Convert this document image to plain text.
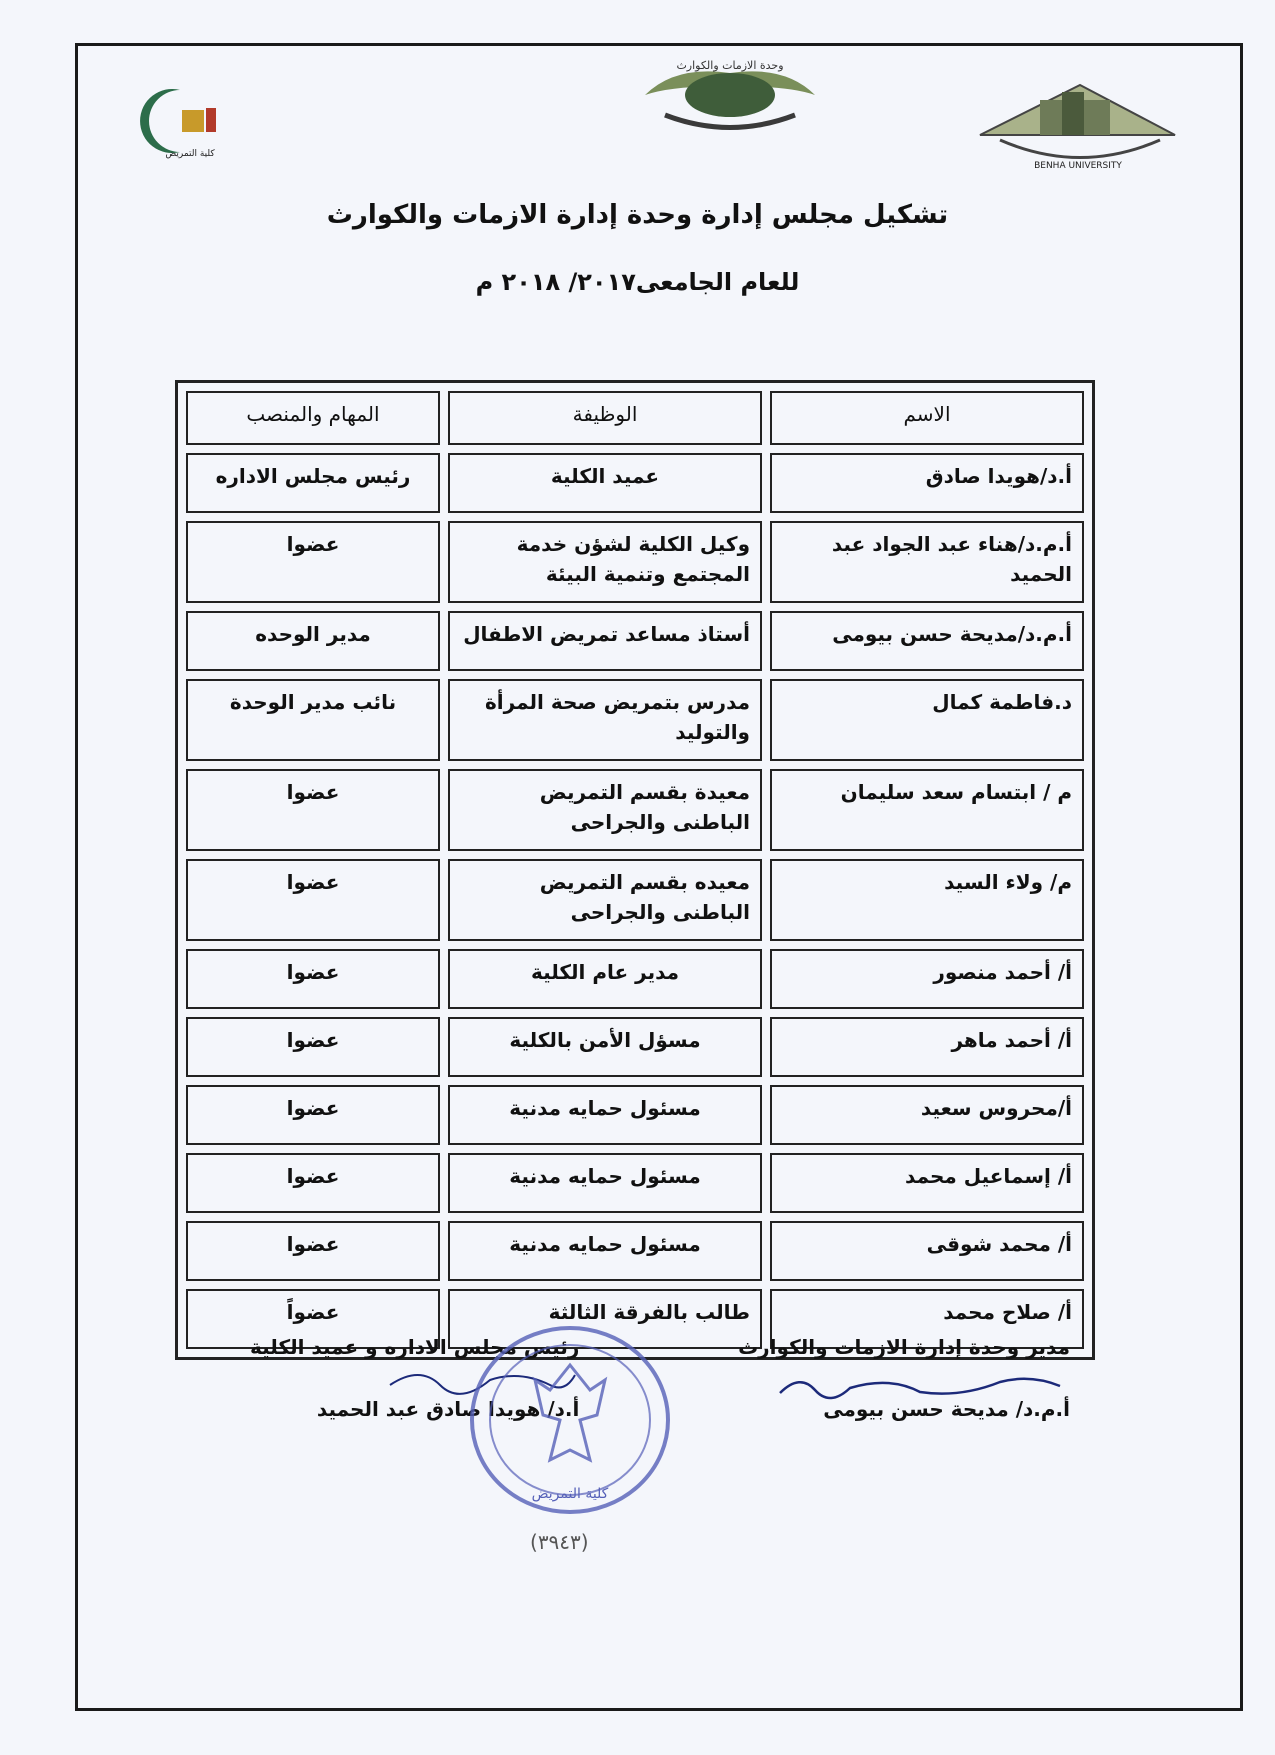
كلية التمريض
وحدة الازمات والكوارث
BENHA UNIVERSITY
تشكيل مجلس إدارة وحدة إدارة الازمات والكوارث
للعام الجامعى٢٠١٧/ ٢٠١٨ م
الاسم	الوظيفة	المهام والمنصب
أ.د/هويدا صادق	عميد الكلية	رئيس مجلس الاداره
أ.م.د/هناء عبد الجواد عبد الحميد	وكيل الكلية لشؤن خدمة المجتمع وتنمية البيئة	عضوا
أ.م.د/مديحة حسن بيومى	أستاذ مساعد تمريض الاطفال	مدير الوحده
د.فاطمة كمال	مدرس بتمريض صحة المرأة والتوليد	نائب مدير الوحدة
م / ابتسام سعد سليمان	معيدة بقسم التمريض الباطنى والجراحى	عضوا
م/ ولاء السيد	معيده بقسم التمريض الباطنى والجراحى	عضوا
أ/ أحمد منصور	مدير عام الكلية	عضوا
أ/ أحمد ماهر	مسؤل الأمن بالكلية	عضوا
أ/محروس سعيد	مسئول حمايه مدنية	عضوا
أ/ إسماعيل محمد	مسئول حمايه مدنية	عضوا
أ/ محمد شوقى	مسئول حمايه مدنية	عضوا
أ/ صلاح محمد	طالب بالفرقة الثالثة	عضواً
مدير وحدة إدارة الازمات والكوارث
أ.م.د/ مديحة حسن بيومى
رئيس مجلس الاداره و عميد الكلية
أ.د/ هويدا صادق عبد الحميد
كلية التمريض
(٣٩٤٣)
